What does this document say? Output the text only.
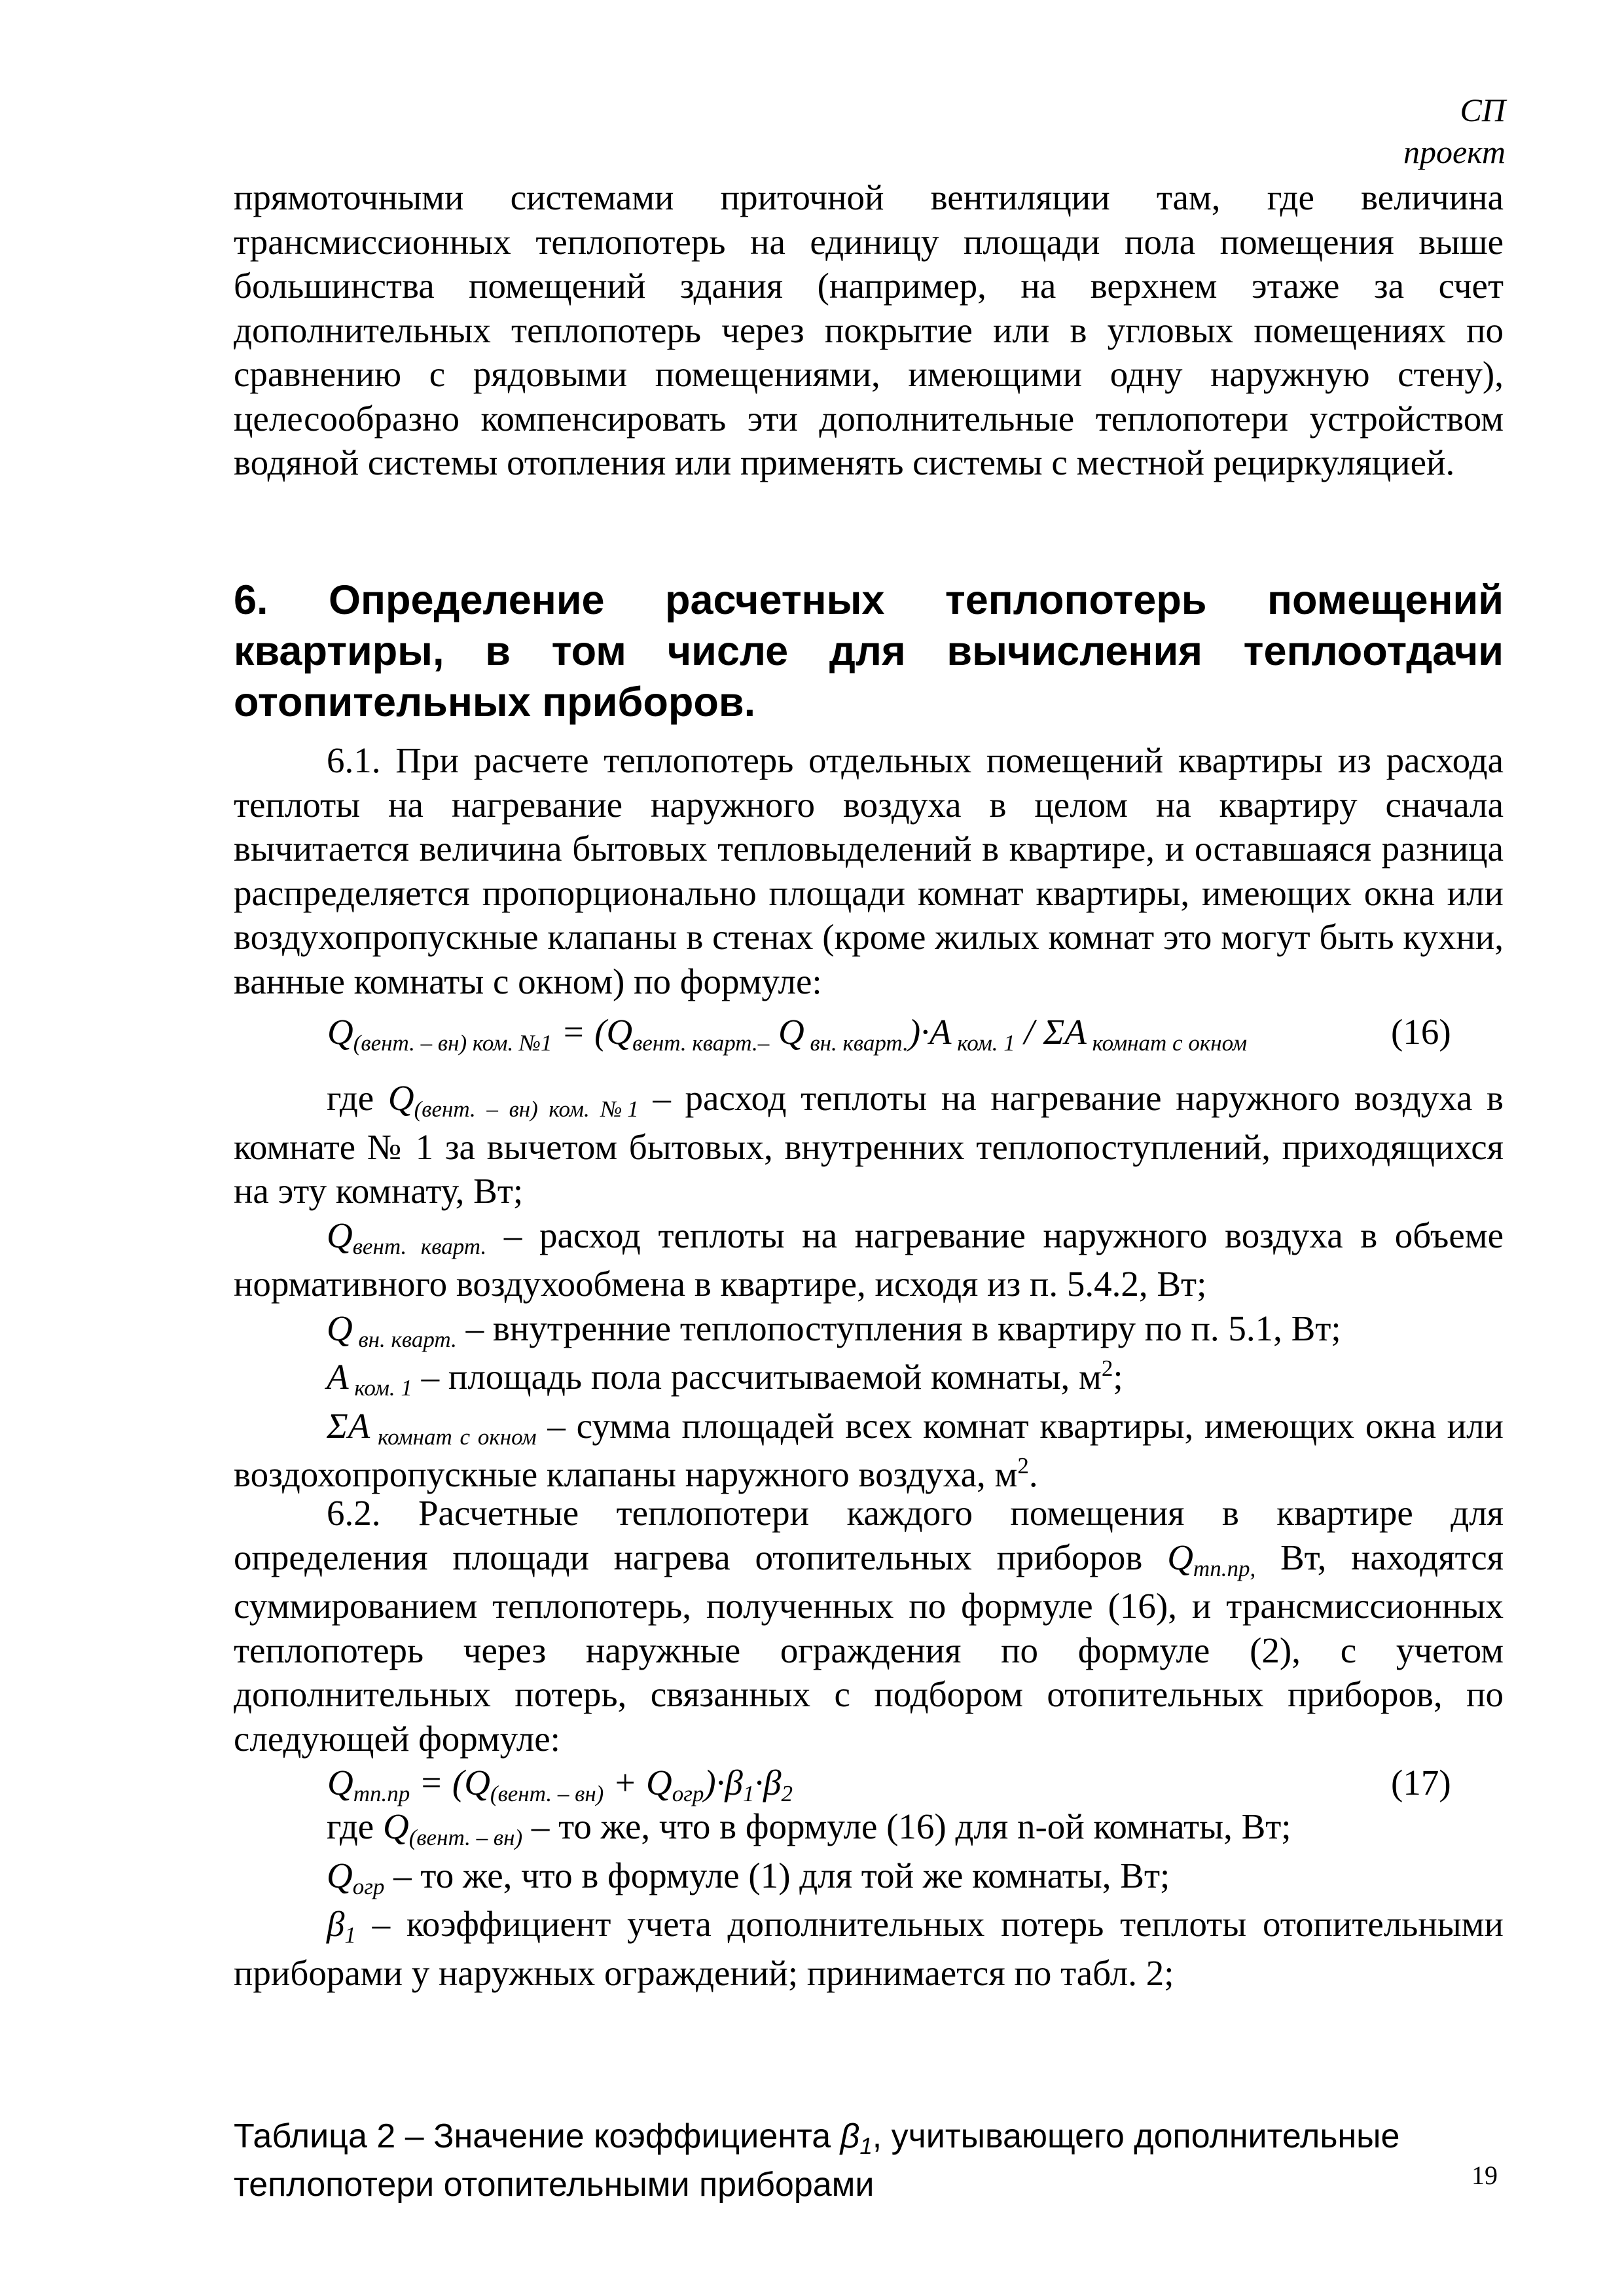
СП
проект

прямоточными системами приточной вентиляции там, где величина трансмиссионных теплопотерь на единицу площади пола помещения выше большинства помещений здания (например, на верхнем этаже за счет дополнительных теплопотерь через покрытие или в угловых помещениях по сравнению с рядовыми помещениями, имеющими одну наружную стену), целесообразно компенсировать эти дополнительные теплопотери устройством водяной системы отопления или применять системы с местной рециркуляцией.

6. Определение расчетных теплопотерь помещений квартиры, в том числе для вычисления теплоотдачи отопительных приборов.

6.1. При расчете теплопотерь отдельных помещений квартиры из расхода теплоты на нагревание наружного воздуха в целом на квартиру сначала вычитается величина бытовых тепловыделений в квартире, и оставшаяся разница распределяется пропорционально площади комнат квартиры, имеющих окна или воздухопропускные клапаны в стенах (кроме жилых комнат это могут быть кухни, ванные комнаты с окном) по формуле:

Q(вент. – вн) ком. №1 = (Qвент. кварт.– Q вн. кварт.)·A ком. 1 / ΣA комнат с окном	(16)

где Q(вент. – вн) ком. №1 – расход теплоты на нагревание наружного воздуха в комнате № 1 за вычетом бытовых, внутренних теплопоступлений, приходящихся на эту комнату, Вт;
Qвент. кварт. – расход теплоты на нагревание наружного воздуха в объеме нормативного воздухообмена в квартире, исходя из п. 5.4.2, Вт;
Q вн. кварт. – внутренние теплопоступления в квартиру по п. 5.1, Вт;
A ком. 1 – площадь пола рассчитываемой комнаты, $м^2$;
ΣA комнат с окном – сумма площадей всех комнат квартиры, имеющих окна или воздохопропускные клапаны наружного воздуха, $м^2$.

6.2. Расчетные теплопотери каждого помещения в квартире для определения площади нагрева отопительных приборов Qтп.пр, Вт, находятся суммированием теплопотерь, полученных по формуле (16), и трансмиссионных теплопотерь через наружные ограждения по формуле (2), с учетом дополнительных потерь, связанных с подбором отопительных приборов, по следующей формуле:

Qтп.пр = (Q(вент. – вн) + Qогр)·β1·β2	(17)

где Q(вент. – вн) – то же, что в формуле (16) для n-ой комнаты, Вт;
Qогр – то же, что в формуле (1) для той же комнаты, Вт;
β1 – коэффициент учета дополнительных потерь теплоты отопительными приборами у наружных ограждений; принимается по табл. 2;

Таблица 2 – Значение коэффициента β1, учитывающего дополнительные теплопотери отопительными приборами	19
